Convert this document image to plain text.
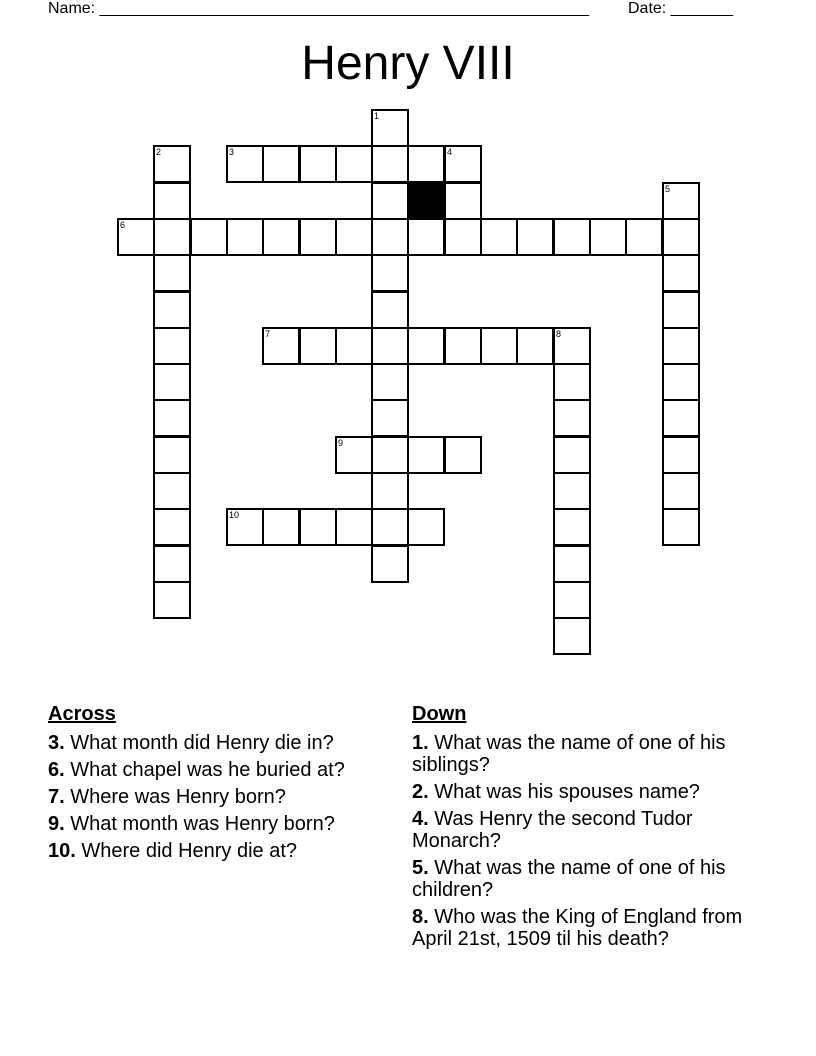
Name: _______________________________________________________ Date: _______
Henry VIII
1
2	3	4
5
6
7	8
9
10
Across
3. What month did Henry die in?
6. What chapel was he buried at?
7. Where was Henry born?
9. What month was Henry born?
10. Where did Henry die at?
Down
1. What was the name of one of his siblings?
2. What was his spouses name?
4. Was Henry the second Tudor Monarch?
5. What was the name of one of his children?
8. Who was the King of England from April 21st, 1509 til his death?
